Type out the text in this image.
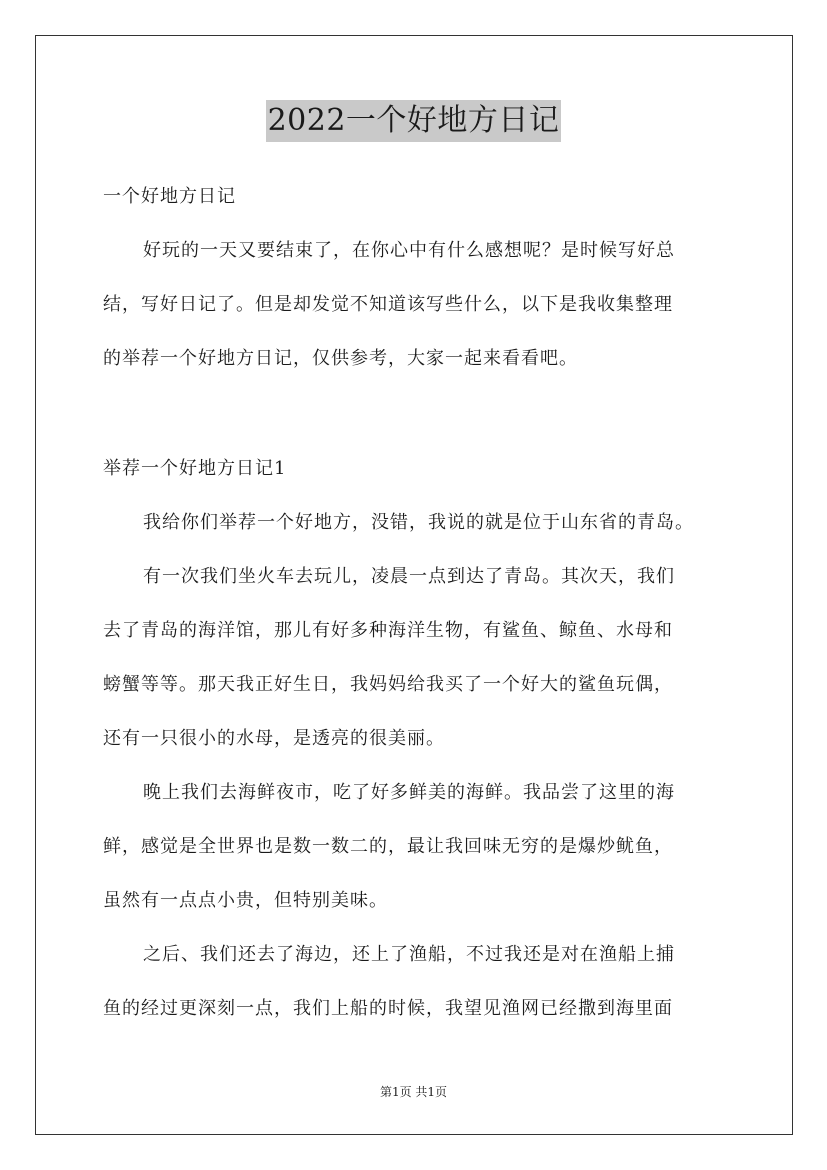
2022一个好地方日记
一个好地方日记
好玩的一天又要结束了，在你心中有什么感想呢？是时候写好总
结，写好日记了。但是却发觉不知道该写些什么，以下是我收集整理
的举荐一个好地方日记，仅供参考，大家一起来看看吧。
举荐一个好地方日记1
我给你们举荐一个好地方，没错，我说的就是位于山东省的青岛。
有一次我们坐火车去玩儿，凌晨一点到达了青岛。其次天，我们
去了青岛的海洋馆，那儿有好多种海洋生物，有鲨鱼、鲸鱼、水母和
螃蟹等等。那天我正好生日，我妈妈给我买了一个好大的鲨鱼玩偶，
还有一只很小的水母，是透亮的很美丽。
晚上我们去海鲜夜市，吃了好多鲜美的海鲜。我品尝了这里的海
鲜，感觉是全世界也是数一数二的，最让我回味无穷的是爆炒鱿鱼，
虽然有一点点小贵，但特别美味。
之后、我们还去了海边，还上了渔船，不过我还是对在渔船上捕
鱼的经过更深刻一点，我们上船的时候，我望见渔网已经撒到海里面
第1页 共1页
